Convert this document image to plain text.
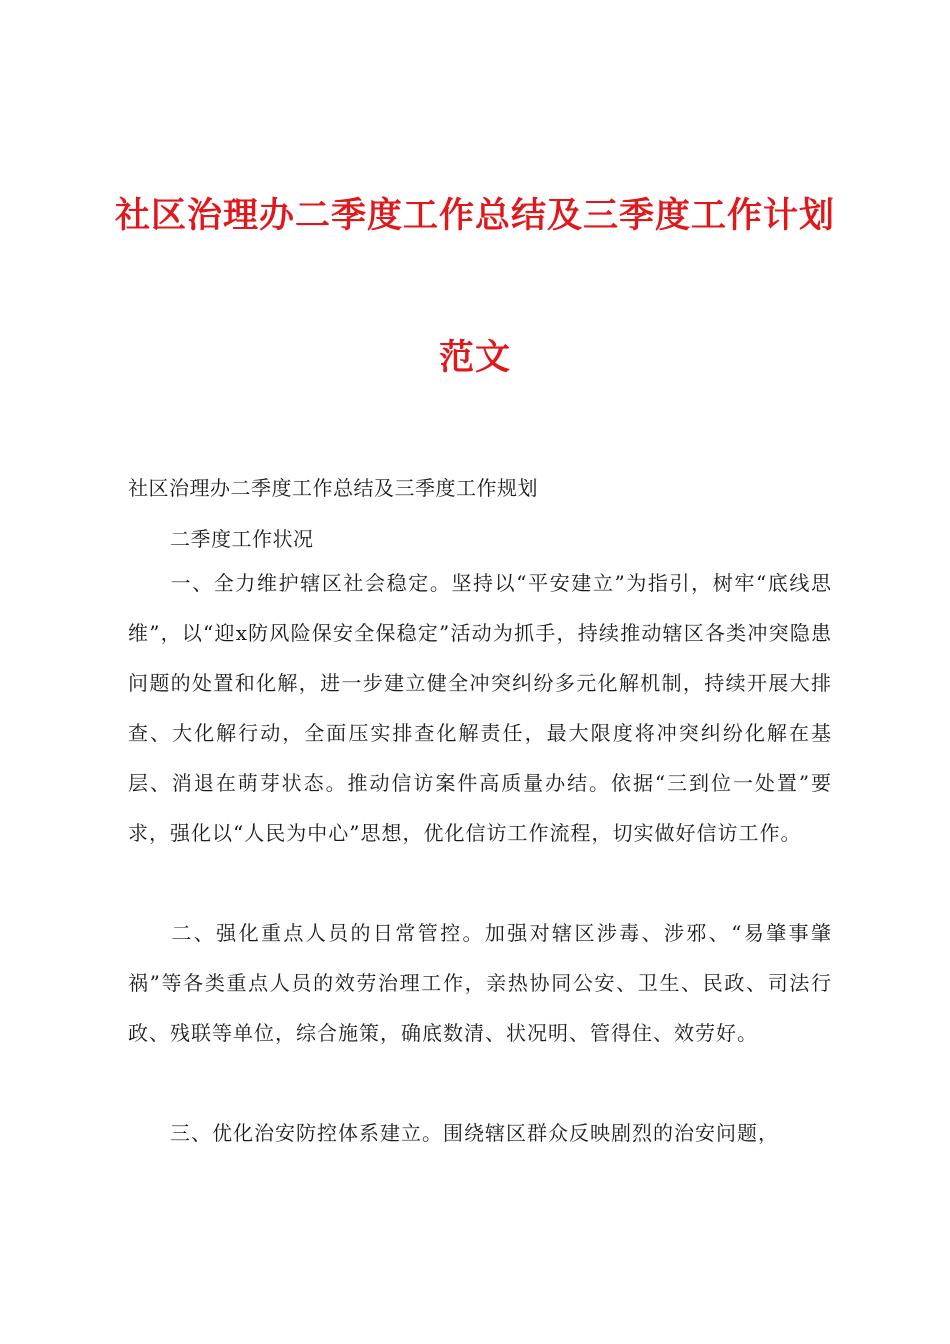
社区治理办二季度工作总结及三季度工作计划
范文
社区治理办二季度工作总结及三季度工作规划
二季度工作状况
一、全力维护辖区社会稳定。坚持以“平安建立”为指引，树牢“底线思维”，以“迎x防风险保安全保稳定”活动为抓手，持续推动辖区各类冲突隐患问题的处置和化解，进一步建立健全冲突纠纷多元化解机制，持续开展大排查、大化解行动，全面压实排查化解责任，最大限度将冲突纠纷化解在基层、消退在萌芽状态。推动信访案件高质量办结。依据“三到位一处置”要求，强化以“人民为中心”思想，优化信访工作流程，切实做好信访工作。
二、强化重点人员的日常管控。加强对辖区涉毒、涉邪、“易肇事肇祸”等各类重点人员的效劳治理工作，亲热协同公安、卫生、民政、司法行政、残联等单位，综合施策，确底数清、状况明、管得住、效劳好。
三、优化治安防控体系建立。围绕辖区群众反映剧烈的治安问题，
